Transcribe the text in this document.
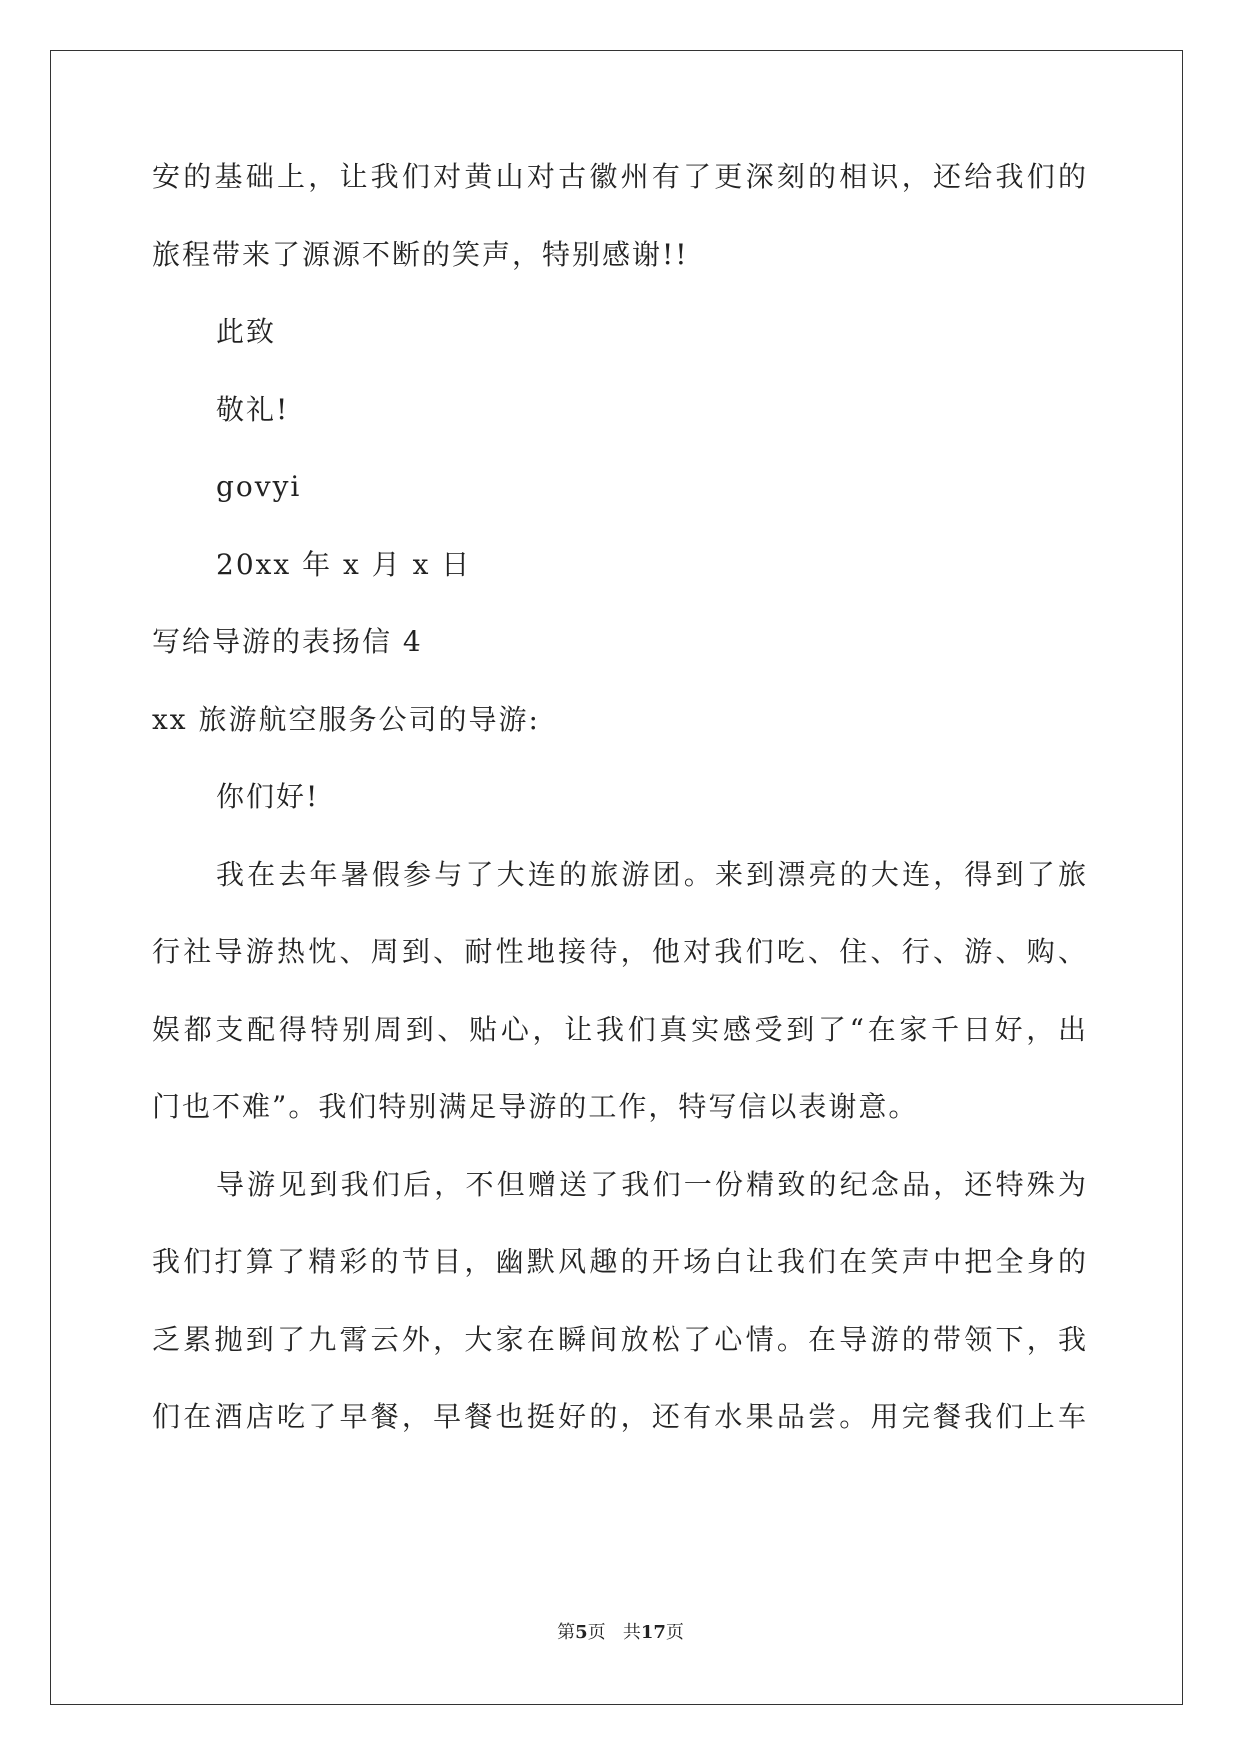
安的基础上，让我们对黄山对古徽州有了更深刻的相识，还给我们的
旅程带来了源源不断的笑声，特别感谢!!
此致
敬礼!
govyi
20xx 年 x 月 x 日
写给导游的表扬信 4
xx 旅游航空服务公司的导游:
你们好!
我在去年暑假参与了大连的旅游团。来到漂亮的大连，得到了旅
行社导游热忱、周到、耐性地接待，他对我们吃、住、行、游、购、
娱都支配得特别周到、贴心，让我们真实感受到了“在家千日好，出
门也不难”。我们特别满足导游的工作，特写信以表谢意。
导游见到我们后，不但赠送了我们一份精致的纪念品，还特殊为
我们打算了精彩的节目，幽默风趣的开场白让我们在笑声中把全身的
乏累抛到了九霄云外，大家在瞬间放松了心情。在导游的带领下，我
们在酒店吃了早餐，早餐也挺好的，还有水果品尝。用完餐我们上车
第5页 共17页
